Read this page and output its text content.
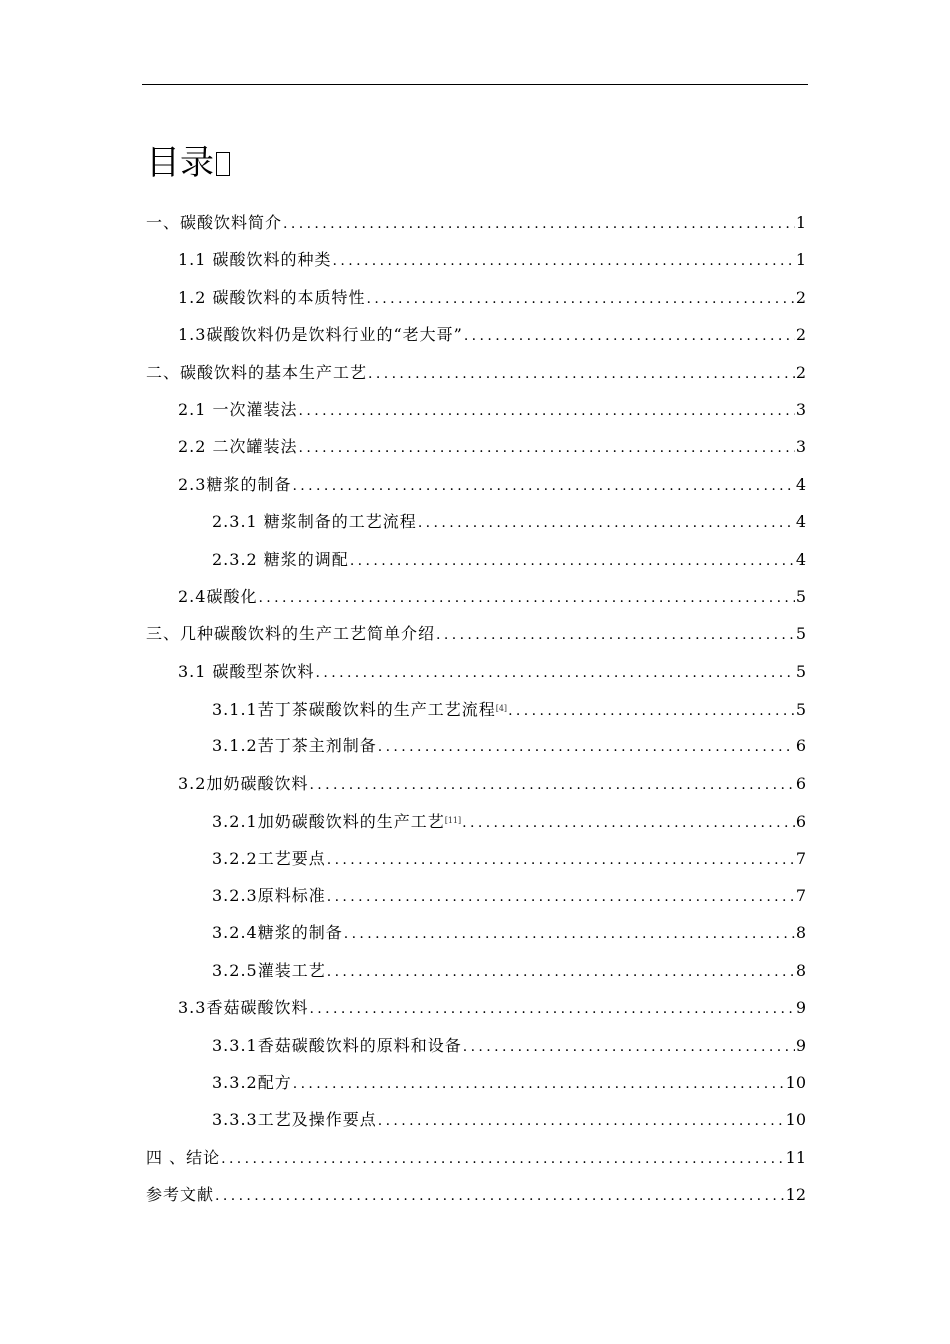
目录
一、碳酸饮料简介 .....	1
1.1 碳酸饮料的种类 .....	1
1.2 碳酸饮料的本质特性 .....	2
1.3碳酸饮料仍是饮料行业的“老大哥” .....	2
二、碳酸饮料的基本生产工艺 .....	2
2.1 一次灌装法 .....	3
2.2 二次罐装法 .....	3
2.3糖浆的制备 .....	4
2.3.1 糖浆制备的工艺流程 .....	4
2.3.2 糖浆的调配 .....	4
2.4碳酸化 .....	5
三、几种碳酸饮料的生产工艺简单介绍 .....	5
3.1 碳酸型茶饮料 .....	5
3.1.1苦丁茶碳酸饮料的生产工艺流程[4] .....	5
3.1.2苦丁茶主剂制备 .....	6
3.2加奶碳酸饮料 .....	6
3.2.1加奶碳酸饮料的生产工艺[11] .....	6
3.2.2工艺要点 .....	7
3.2.3原料标准 .....	7
3.2.4糖浆的制备 .....	8
3.2.5灌装工艺 .....	8
3.3香菇碳酸饮料 .....	9
3.3.1香菇碳酸饮料的原料和设备 .....	9
3.3.2配方 .....	10
3.3.3工艺及操作要点 .....	10
四 、结论 .....	11
参考文献 .....	12
